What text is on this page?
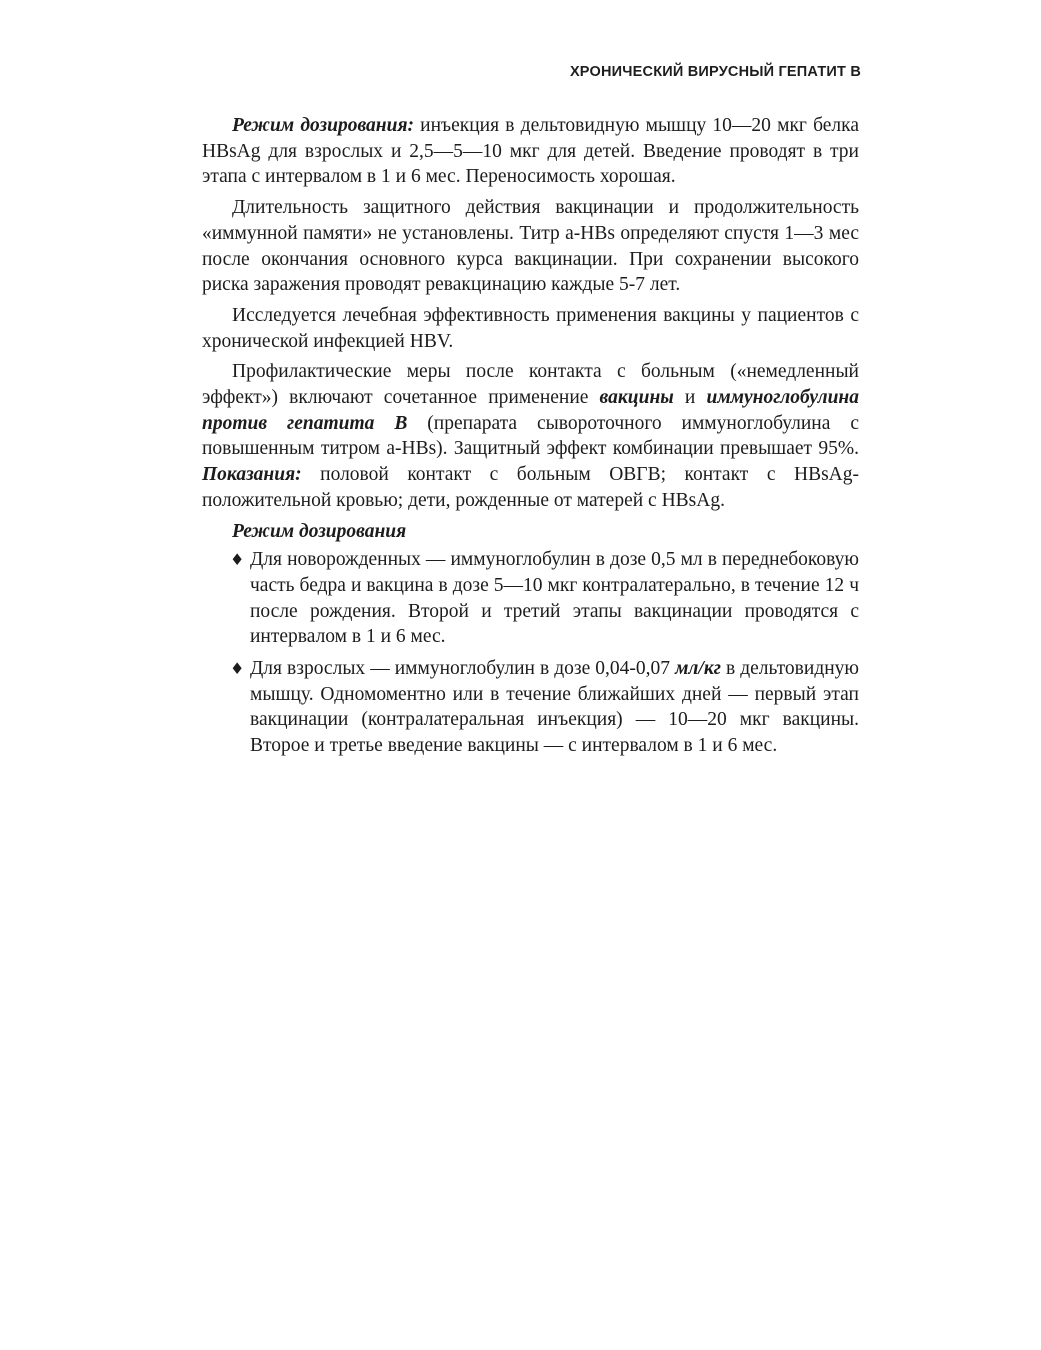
ХРОНИЧЕСКИЙ ВИРУСНЫЙ ГЕПАТИТ В

Режим дозирования: инъекция в дельтовидную мышцу 10—20 мкг белка HBsAg для взрослых и 2,5—5—10 мкг для детей. Введение проводят в три этапа с интервалом в 1 и 6 мес. Переносимость хорошая.

Длительность защитного действия вакцинации и продолжительность «иммунной памяти» не установлены. Титр а-HBs определяют спустя 1—3 мес после окончания основного курса вакцинации. При сохранении высокого риска заражения проводят ревакцинацию каждые 5-7 лет.

Исследуется лечебная эффективность применения вакцины у пациентов с хронической инфекцией HBV.

Профилактические меры после контакта с больным («немедленный эффект») включают сочетанное применение вакцины и иммуноглобулина против гепатита В (препарата сывороточного иммуноглобулина с повышенным титром а-HBs). Защитный эффект комбинации превышает 95%. Показания: половой контакт с больным ОВГВ; контакт с HBsAg-положительной кровью; дети, рожденные от матерей с HBsAg.

Режим дозирования
♦ Для новорожденных — иммуноглобулин в дозе 0,5 мл в переднебоковую часть бедра и вакцина в дозе 5—10 мкг контралатерально, в течение 12 ч после рождения. Второй и третий этапы вакцинации проводятся с интервалом в 1 и 6 мес.
♦ Для взрослых — иммуноглобулин в дозе 0,04-0,07 мл/кг в дельтовидную мышцу. Одномоментно или в течение ближайших дней — первый этап вакцинации (контралатеральная инъекция) — 10—20 мкг вакцины. Второе и третье введение вакцины — с интервалом в 1 и 6 мес.
